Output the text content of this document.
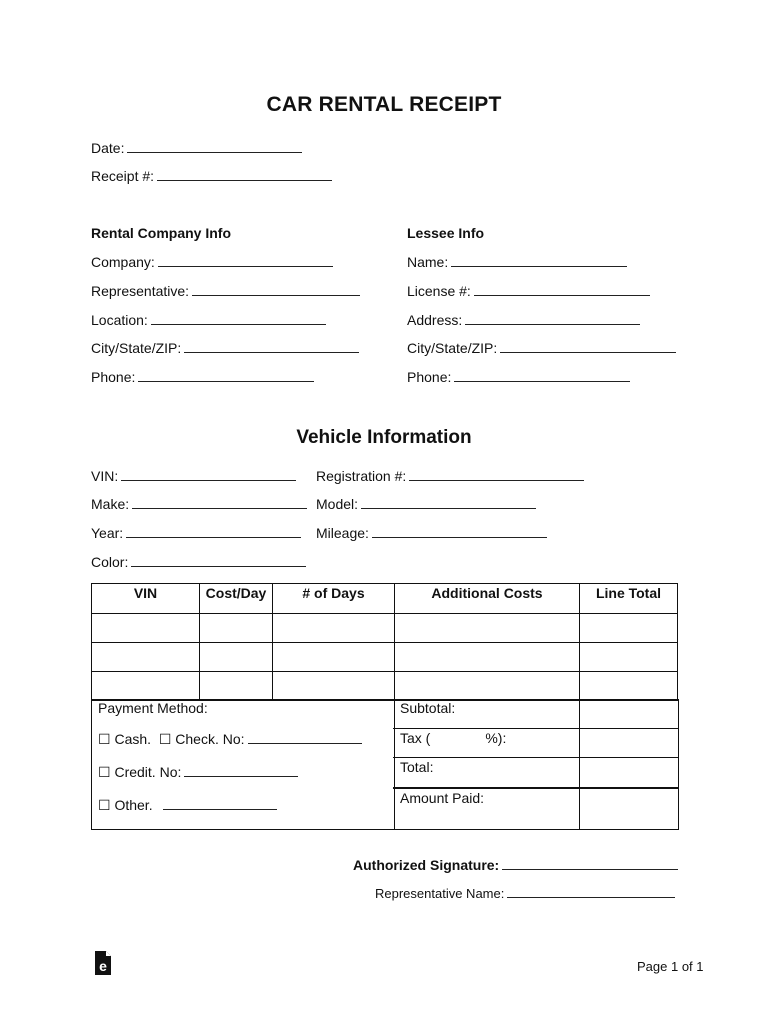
CAR RENTAL RECEIPT
Date:
Receipt #:
Rental Company Info
Company:
Representative:
Location:
City/State/ZIP:
Phone:
Lessee Info
Name:
License #:
Address:
City/State/ZIP:
Phone:
Vehicle Information
VIN:
Make:
Year:
Color:
Registration #:
Model:
Mileage:
VIN	Cost/Day	# of Days	Additional Costs	Line Total

Payment Method:
☐ Cash. ☐ Check. No:
☐ Credit. No:
☐ Other.
Subtotal:
Tax (	%):
Total:
Amount Paid:
Authorized Signature:
Representative Name:
e	Page 1 of 1
